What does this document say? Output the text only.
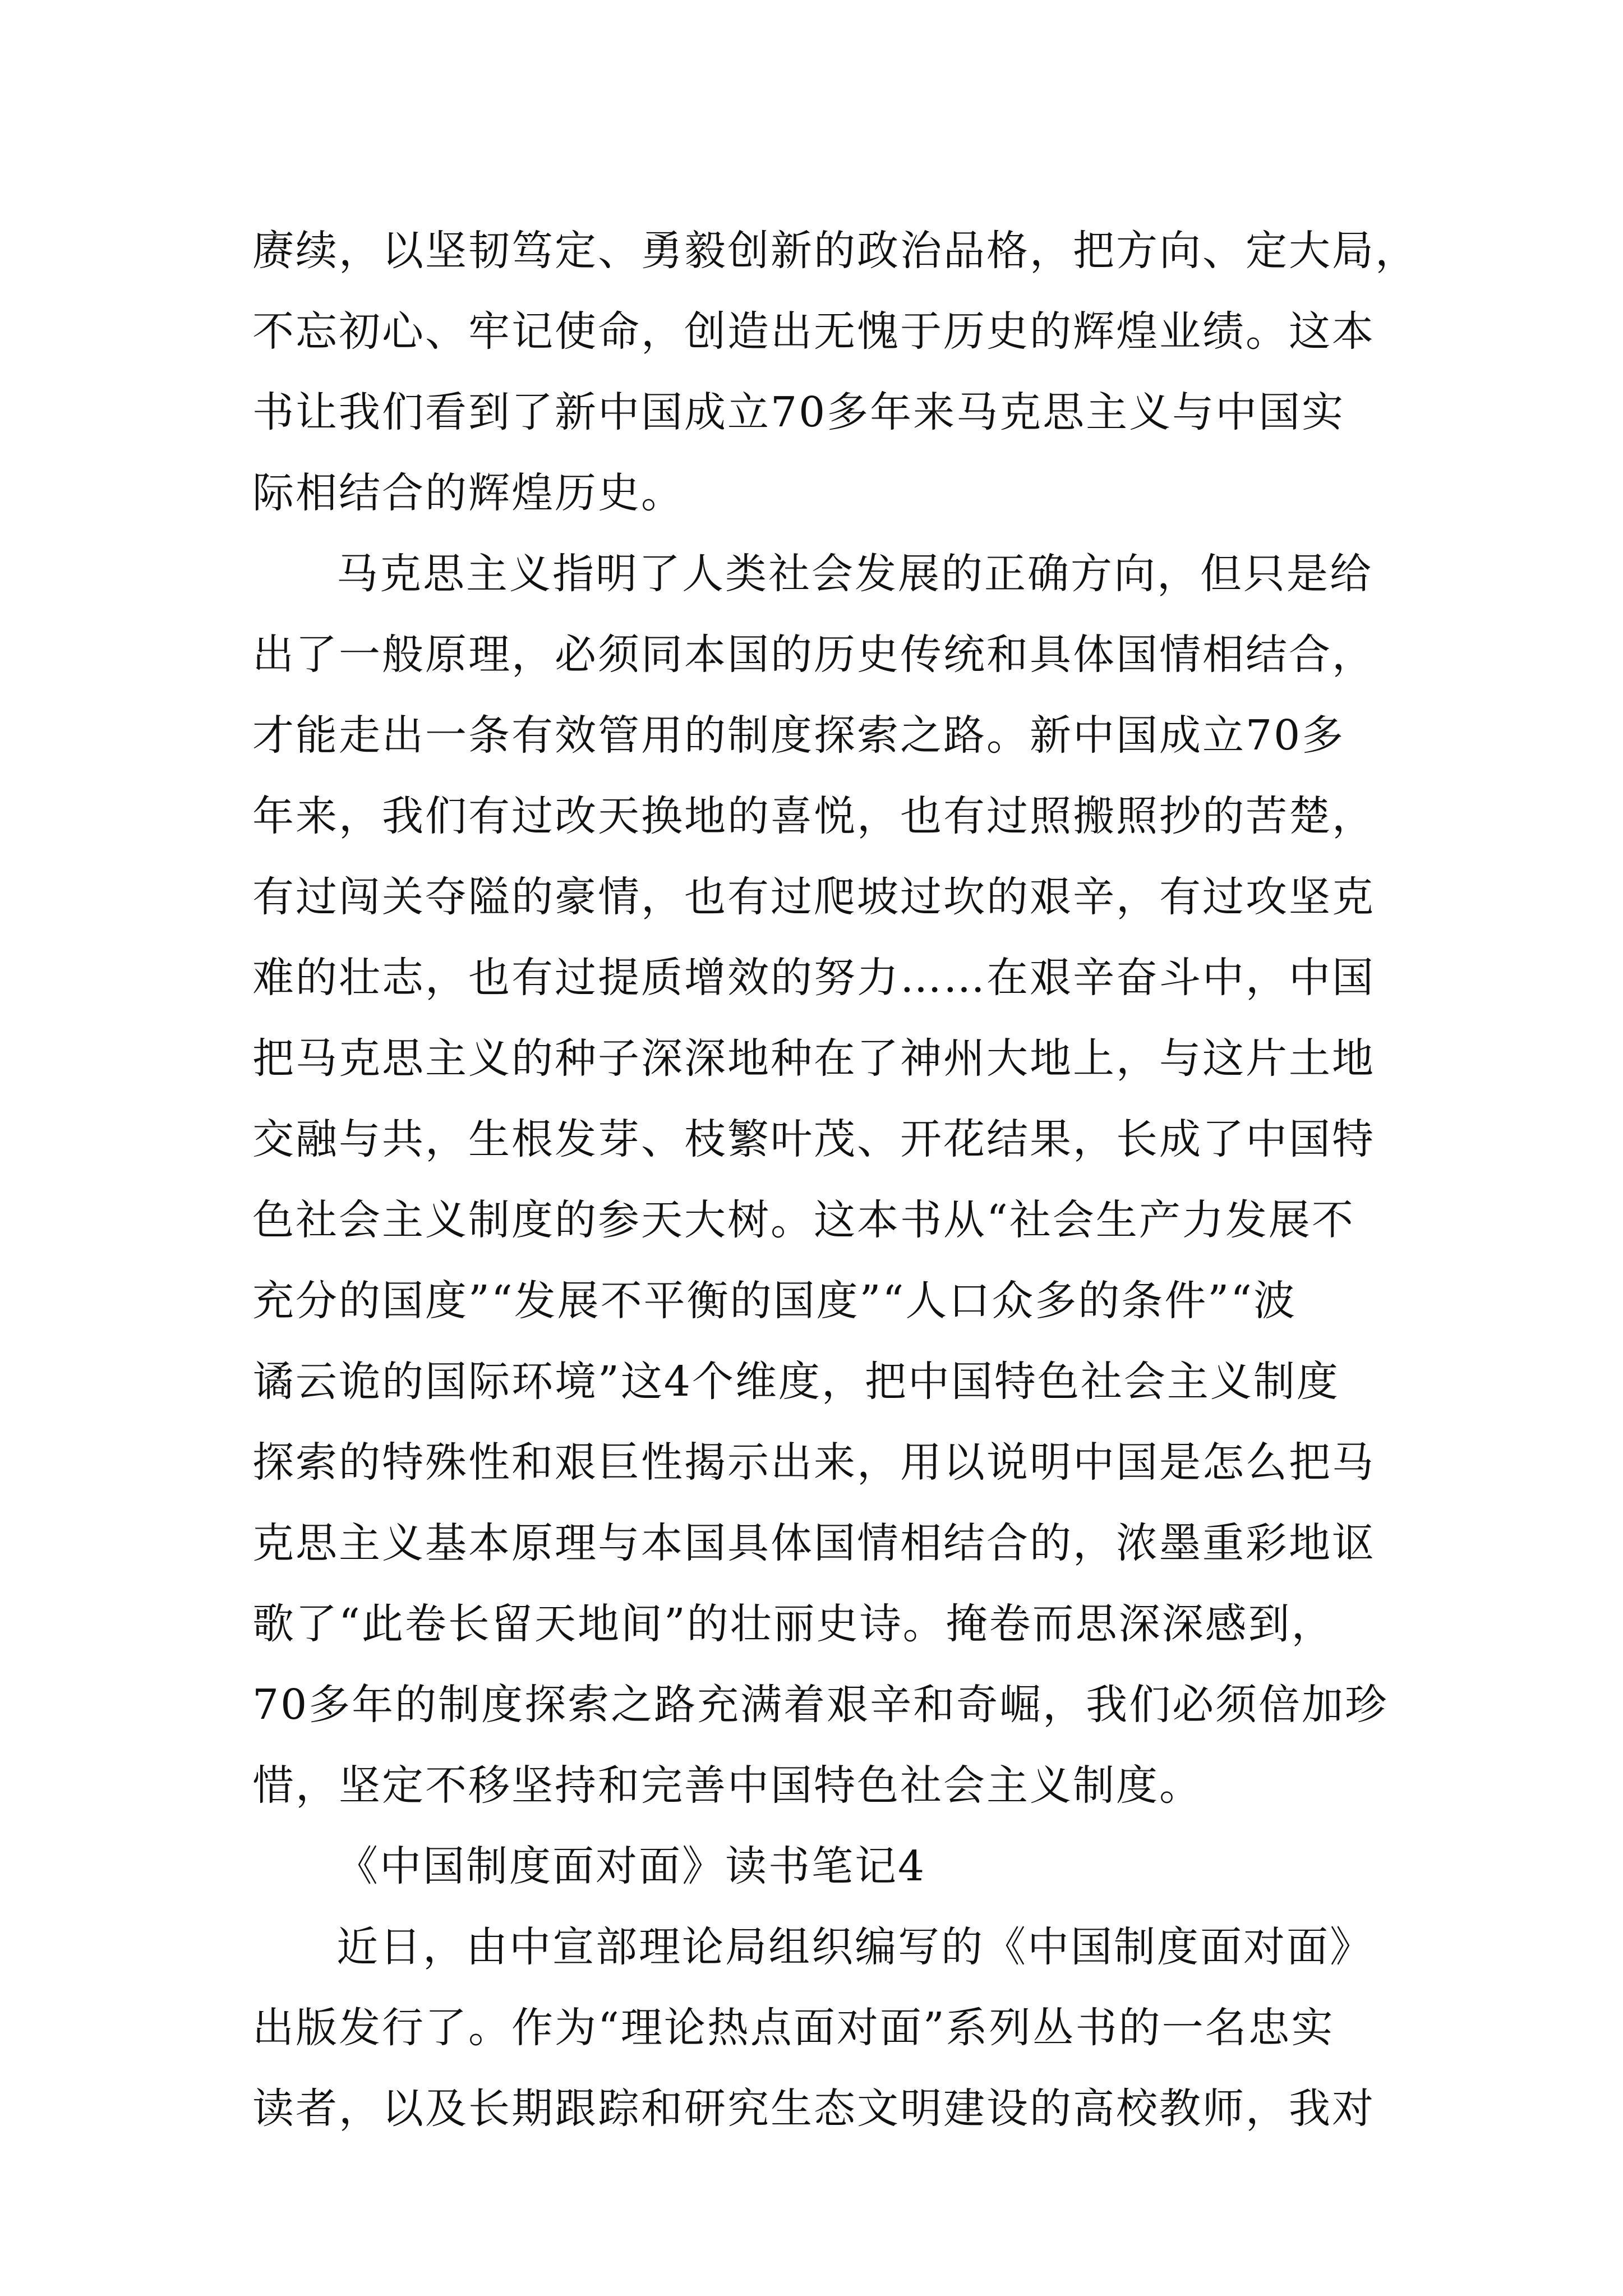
赓续，以坚韧笃定、勇毅创新的政治品格，把方向、定大局，
不忘初心、牢记使命，创造出无愧于历史的辉煌业绩。这本
书让我们看到了新中国成立70多年来马克思主义与中国实
际相结合的辉煌历史。
马克思主义指明了人类社会发展的正确方向，但只是给
出了一般原理，必须同本国的历史传统和具体国情相结合，
才能走出一条有效管用的制度探索之路。新中国成立70多
年来，我们有过改天换地的喜悦，也有过照搬照抄的苦楚，
有过闯关夺隘的豪情，也有过爬坡过坎的艰辛，有过攻坚克
难的壮志，也有过提质增效的努力……在艰辛奋斗中，中国
把马克思主义的种子深深地种在了神州大地上，与这片土地
交融与共，生根发芽、枝繁叶茂、开花结果，长成了中国特
色社会主义制度的参天大树。这本书从“社会生产力发展不
充分的国度”“发展不平衡的国度”“人口众多的条件”“波
谲云诡的国际环境”这4个维度，把中国特色社会主义制度
探索的特殊性和艰巨性揭示出来，用以说明中国是怎么把马
克思主义基本原理与本国具体国情相结合的，浓墨重彩地讴
歌了“此卷长留天地间”的壮丽史诗。掩卷而思深深感到，
70多年的制度探索之路充满着艰辛和奇崛，我们必须倍加珍
惜，坚定不移坚持和完善中国特色社会主义制度。
《中国制度面对面》读书笔记4
近日，由中宣部理论局组织编写的《中国制度面对面》
出版发行了。作为“理论热点面对面”系列丛书的一名忠实
读者，以及长期跟踪和研究生态文明建设的高校教师，我对
